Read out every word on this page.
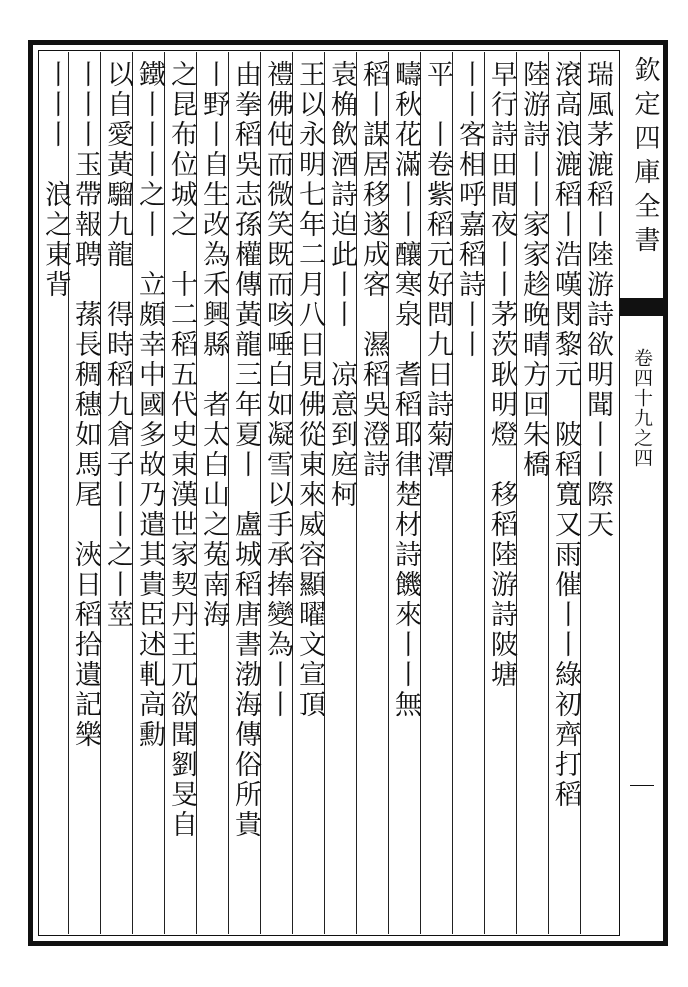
欽定四庫全書
卷四十九之四
瑞風茅漉稻丨陸游詩欲明聞丨丨際天
滾高浪漉稻丨浩嘆閔黎元　陂稻寬又雨催丨丨綠初齊打稻
陸游詩丨丨家家趁晚晴方回朱橋
早行詩田間夜丨丨茅茨耿明燈　移稻陸游詩陂塘
丨丨客相呼嘉稻詩丨丨
平　丨卷紫稻元好問九日詩菊潭
疇秋花滿丨丨釀寒泉　耆稻耶律楚材詩饑來丨丨無
稻丨謀居移遂成客　濕稻吳澄詩
袁桷飲酒詩迫此丨丨　凉意到庭柯
王以永明七年二月八日見佛從東來威容顯曜文宣頂
禮佛伅而微笑既而咳唾白如凝雪以手承捧變為丨丨
由拳稻吳志孫權傳黃龍三年夏丨　盧城稻唐書渤海傳俗所貴
丨野丨自生改為禾興縣　者太白山之菟南海
之昆布位城之　十二稻五代史東漢世家契丹王兀欲聞劉旻自
鐵丨丨丨之丨　立頗幸中國多故乃遣其貴臣述軋高勳
以自愛黃騮九龍　得時稻九倉子丨丨之丨莖
丨丨丨玉帶報聘　蓀長稠穗如馬尾　浹日稻拾遺記樂
丨丨丨　浪之東背
